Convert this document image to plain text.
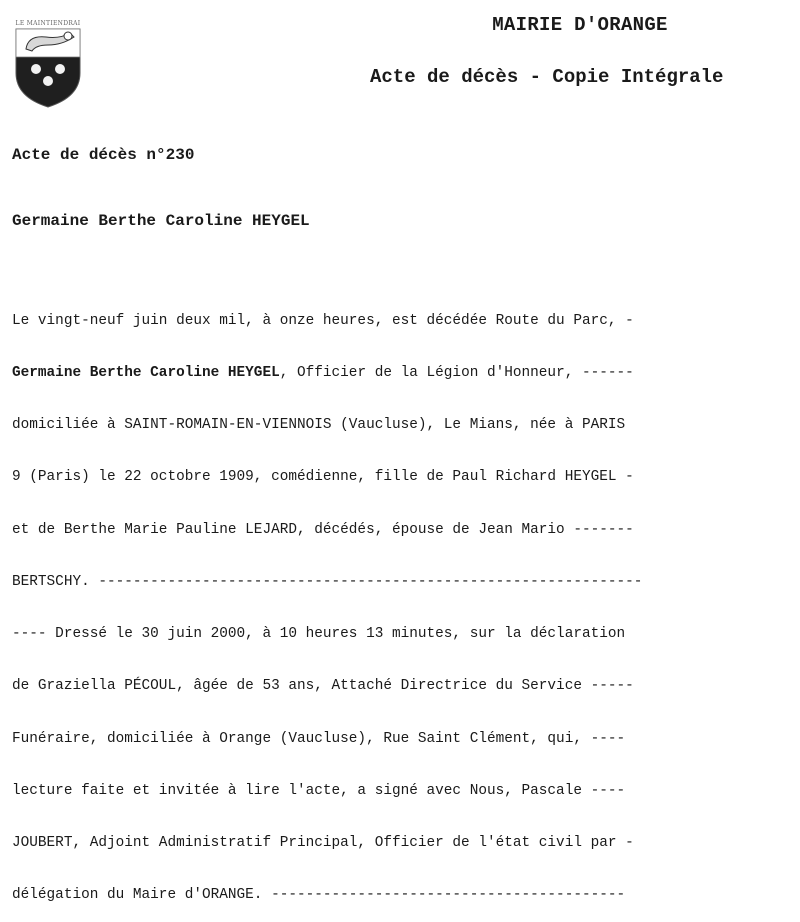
LE MAINTIENDRAI	MAIRIE D'ORANGE
Acte de décès - Copie Intégrale
Acte de décès n°230
Germaine Berthe Caroline HEYGEL

Le vingt-neuf juin deux mil, à onze heures, est décédée Route du Parc, -

Germaine Berthe Caroline HEYGEL, Officier de la Légion d'Honneur, ------

domiciliée à SAINT-ROMAIN-EN-VIENNOIS (Vaucluse), Le Mians, née à PARIS

9 (Paris) le 22 octobre 1909, comédienne, fille de Paul Richard HEYGEL -

et de Berthe Marie Pauline LEJARD, décédés, épouse de Jean Mario -------

BERTSCHY. ---------------------------------------------------------------

---- Dressé le 30 juin 2000, à 10 heures 13 minutes, sur la déclaration

de Graziella PÉCOUL, âgée de 53 ans, Attaché Directrice du Service -----

Funéraire, domiciliée à Orange (Vaucluse), Rue Saint Clément, qui, ----

lecture faite et invitée à lire l'acte, a signé avec Nous, Pascale ----

JOUBERT, Adjoint Administratif Principal, Officier de l'état civil par -

délégation du Maire d'ORANGE. -----------------------------------------
